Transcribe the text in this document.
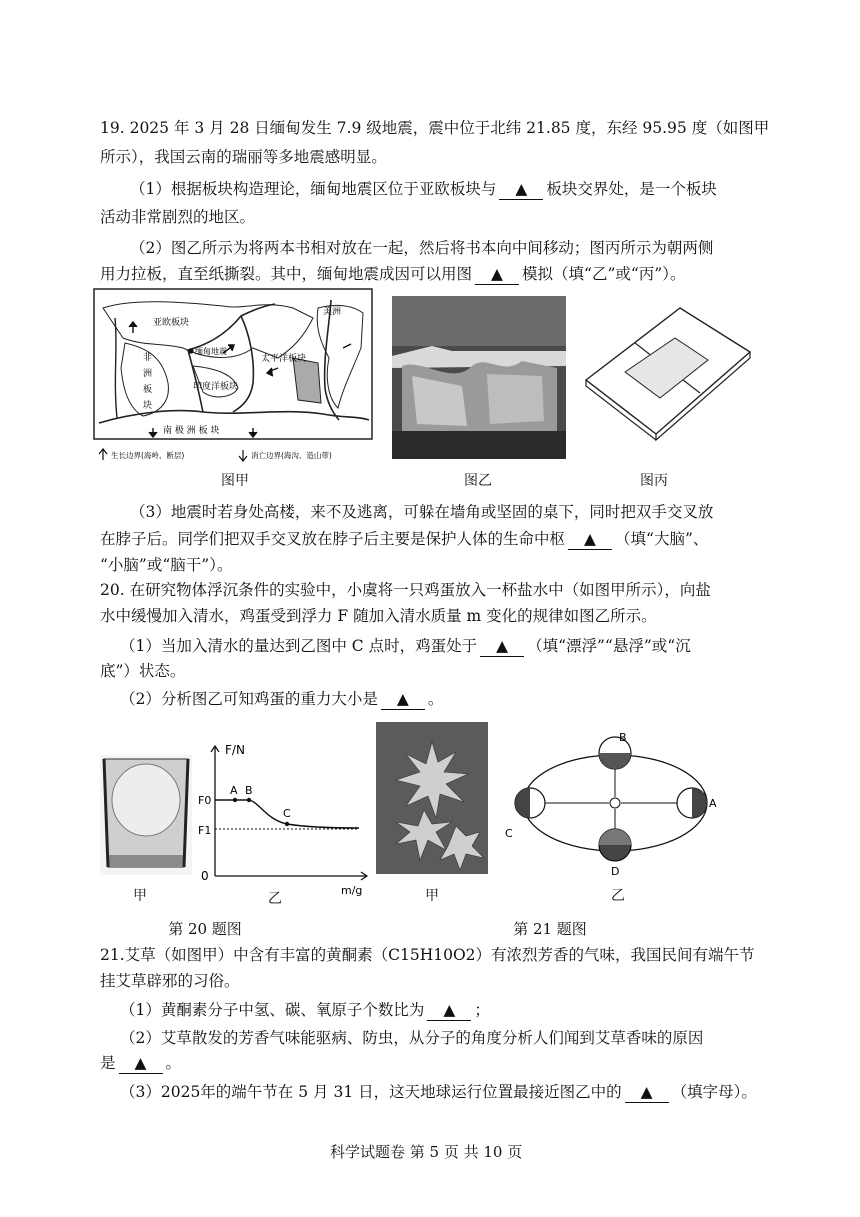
19. 2025 年 3 月 28 日缅甸发生 7.9 级地震，震中位于北纬 21.85 度，东经 95.95 度（如图甲
所示），我国云南的瑞丽等多地震感明显。
（1）根据板块构造理论，缅甸地震区位于亚欧板块与 ▲ 板块交界处，是一个板块
活动非常剧烈的地区。
（2）图乙所示为将两本书相对放在一起，然后将书本向中间移动；图丙所示为朝两侧
用力拉板，直至纸撕裂。其中，缅甸地震成因可以用图 ▲ 模拟（填“乙”或“丙”）。
亚欧板块
美洲
非
洲
板
块
缅甸地震
太平洋板块
印度洋板块
南 极 洲 板 块
生长边界(海岭、断层)	消亡边界(海沟、造山带)
图甲	图乙	图丙
（3）地震时若身处高楼，来不及逃离，可躲在墙角或坚固的桌下，同时把双手交叉放
在脖子后。同学们把双手交叉放在脖子后主要是保护人体的生命中枢 ▲ （填“大脑”、
“小脑”或“脑干”）。
20. 在研究物体浮沉条件的实验中，小虞将一只鸡蛋放入一杯盐水中（如图甲所示），向盐
水中缓慢加入清水，鸡蛋受到浮力 F 随加入清水质量 m 变化的规律如图乙所示。
（1）当加入清水的量达到乙图中 C 点时，鸡蛋处于 ▲ （填“漂浮”“悬浮”或“沉
底”）状态。
（2）分析图乙可知鸡蛋的重力大小是 ▲ 。
甲
F/N
m/g
0
F0
F1
A B
C
乙
第 20 题图
甲
B
A
C
D
乙
第 21 题图
21.艾草（如图甲）中含有丰富的黄酮素（C15H10O2）有浓烈芳香的气味，我国民间有端午节
挂艾草辟邪的习俗。
（1）黄酮素分子中氢、碳、氧原子个数比为 ▲ ；
（2）艾草散发的芳香气味能驱病、防虫，从分子的角度分析人们闻到艾草香味的原因
是 ▲ 。
（3）2025年的端午节在 5 月 31 日，这天地球运行位置最接近图乙中的 ▲ （填字母）。
科学试题卷 第 5 页 共 10 页
